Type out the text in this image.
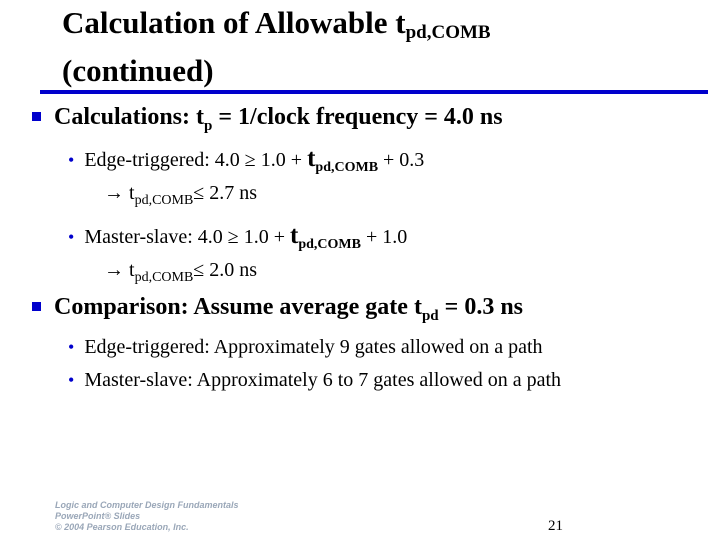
Calculation of Allowable $t_{pd,COMB}$
(continued)
Calculations: $t_p$ = 1/clock frequency = 4.0 ns
• Edge-triggered: $4.0 \ge 1.0 + t_{pd,COMB} + 0.3$
→ $t_{pd,COMB}\le 2.7$ ns
• Master-slave: $4.0 \ge 1.0 + t_{pd,COMB} + 1.0$
→ $t_{pd,COMB}\le 2.0$ ns
Comparison: Assume average gate $t_{pd} = 0.3$ ns
• Edge-triggered: Approximately 9 gates allowed on a path
• Master-slave: Approximately 6 to 7 gates allowed on a path
Logic and Computer Design Fundamentals
PowerPoint® Slides
© 2004 Pearson Education, Inc.	21
